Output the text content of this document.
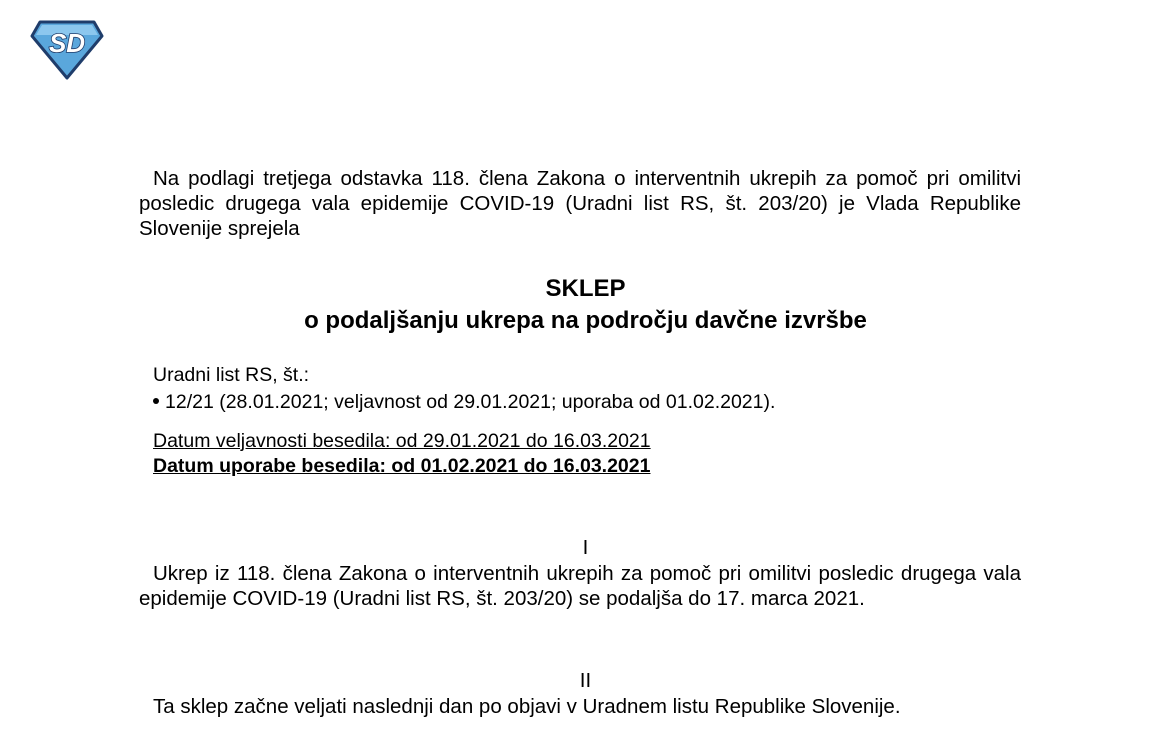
SD

Na podlagi tretjega odstavka 118. člena Zakona o interventnih ukrepih za pomoč pri omilitvi posledic drugega vala epidemije COVID-19 (Uradni list RS, št. 203/20) je Vlada Republike Slovenije sprejela

SKLEP
o podaljšanju ukrepa na področju davčne izvršbe
Uradni list RS, št.:
12/21 (28.01.2021; veljavnost od 29.01.2021; uporaba od 01.02.2021).
Datum veljavnosti besedila: od 29.01.2021 do 16.03.2021
Datum uporabe besedila: od 01.02.2021 do 16.03.2021
I

Ukrep iz 118. člena Zakona o interventnih ukrepih za pomoč pri omilitvi posledic drugega vala epidemije COVID-19 (Uradni list RS, št. 203/20) se podaljša do 17. marca 2021.

II
Ta sklep začne veljati naslednji dan po objavi v Uradnem listu Republike Slovenije.
